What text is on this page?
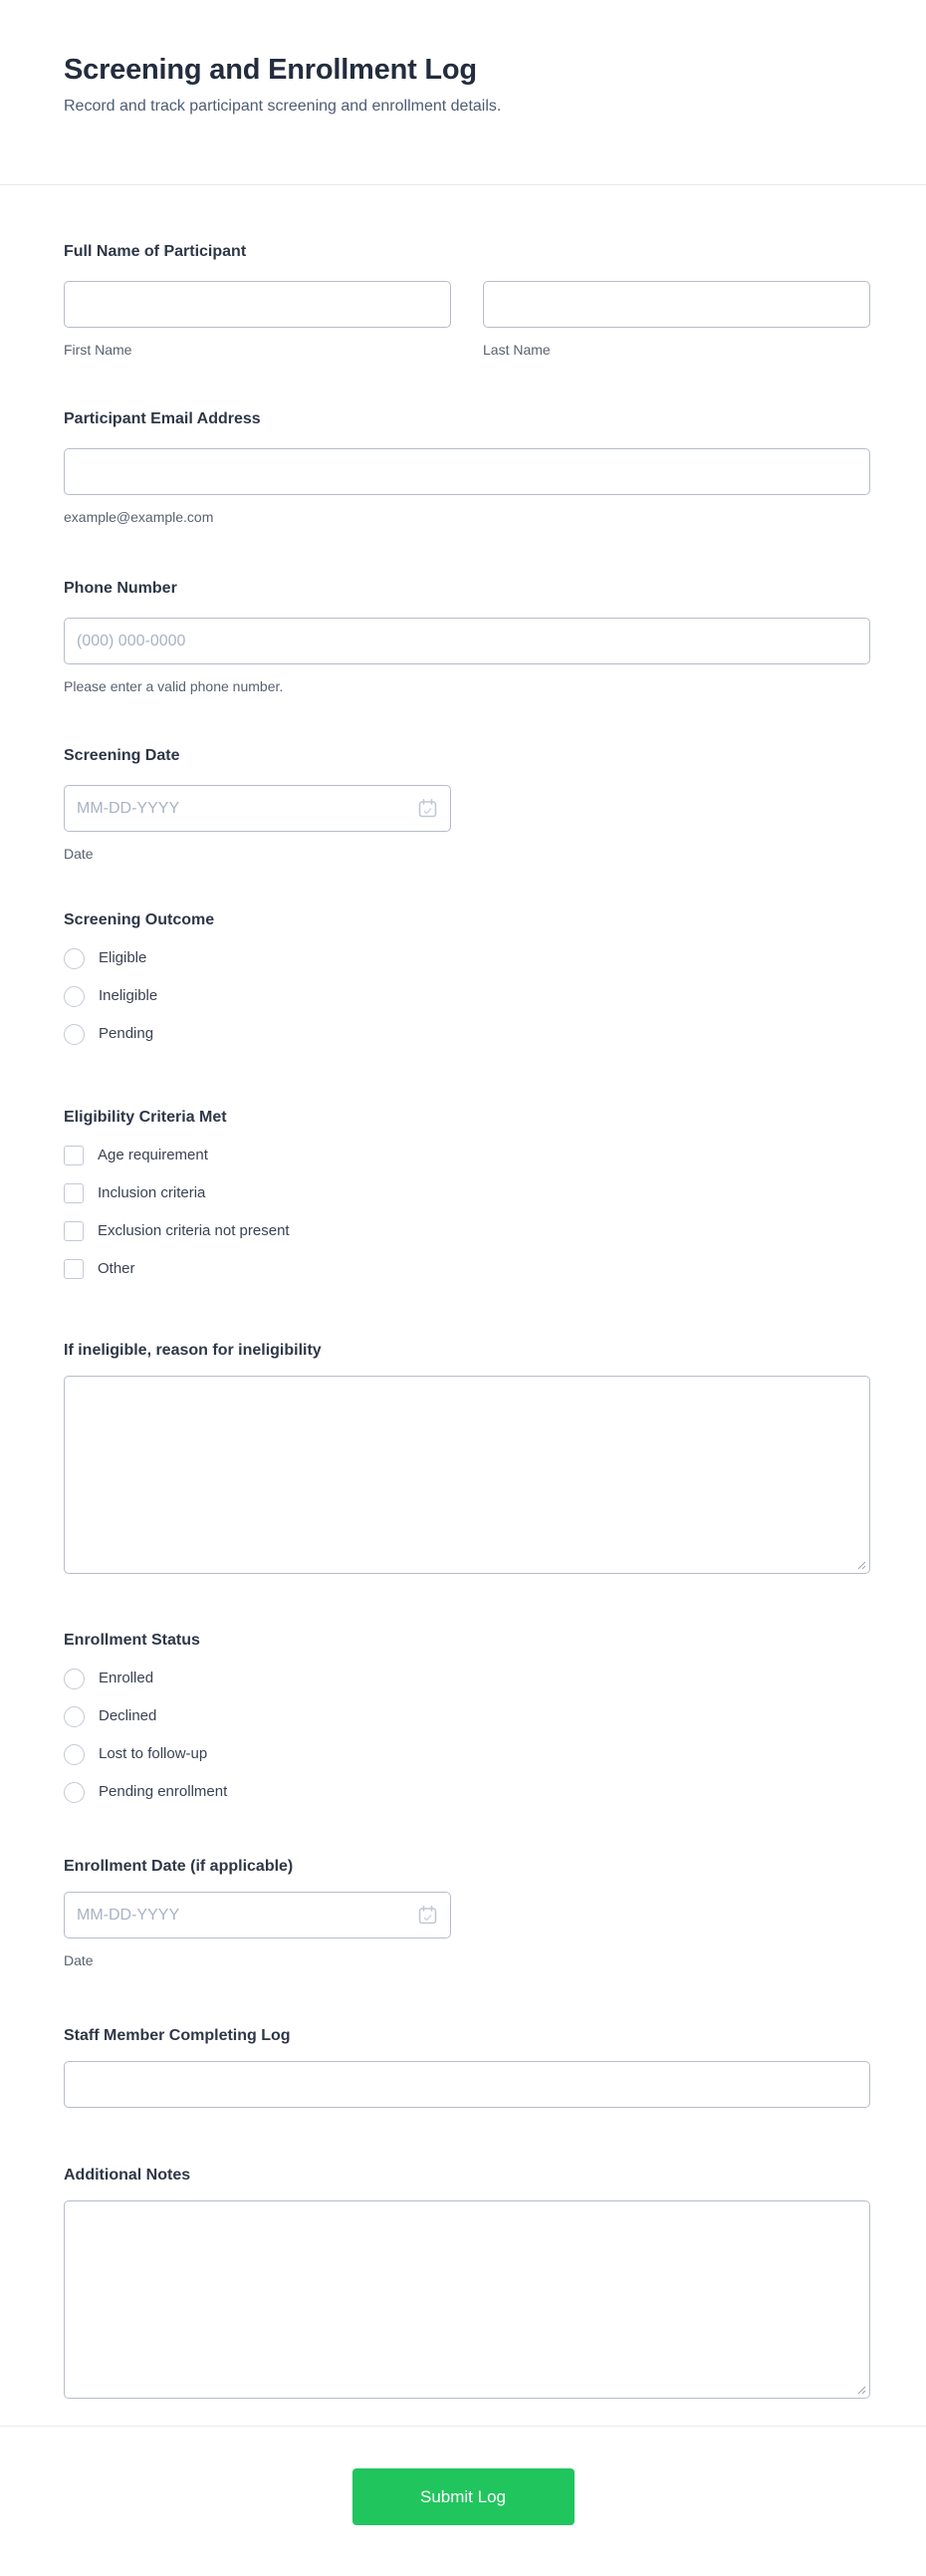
Screening and Enrollment Log
Record and track participant screening and enrollment details.
Full Name of Participant
First Name	Last Name
Participant Email Address
example@example.com
Phone Number
(000) 000-0000
Please enter a valid phone number.
Screening Date
MM-DD-YYYY
Date
Screening Outcome
Eligible
Ineligible
Pending
Eligibility Criteria Met
Age requirement
Inclusion criteria
Exclusion criteria not present
Other
If ineligible, reason for ineligibility
Enrollment Status
Enrolled
Declined
Lost to follow-up
Pending enrollment
Enrollment Date (if applicable)
MM-DD-YYYY
Date
Staff Member Completing Log
Additional Notes
Submit Log
